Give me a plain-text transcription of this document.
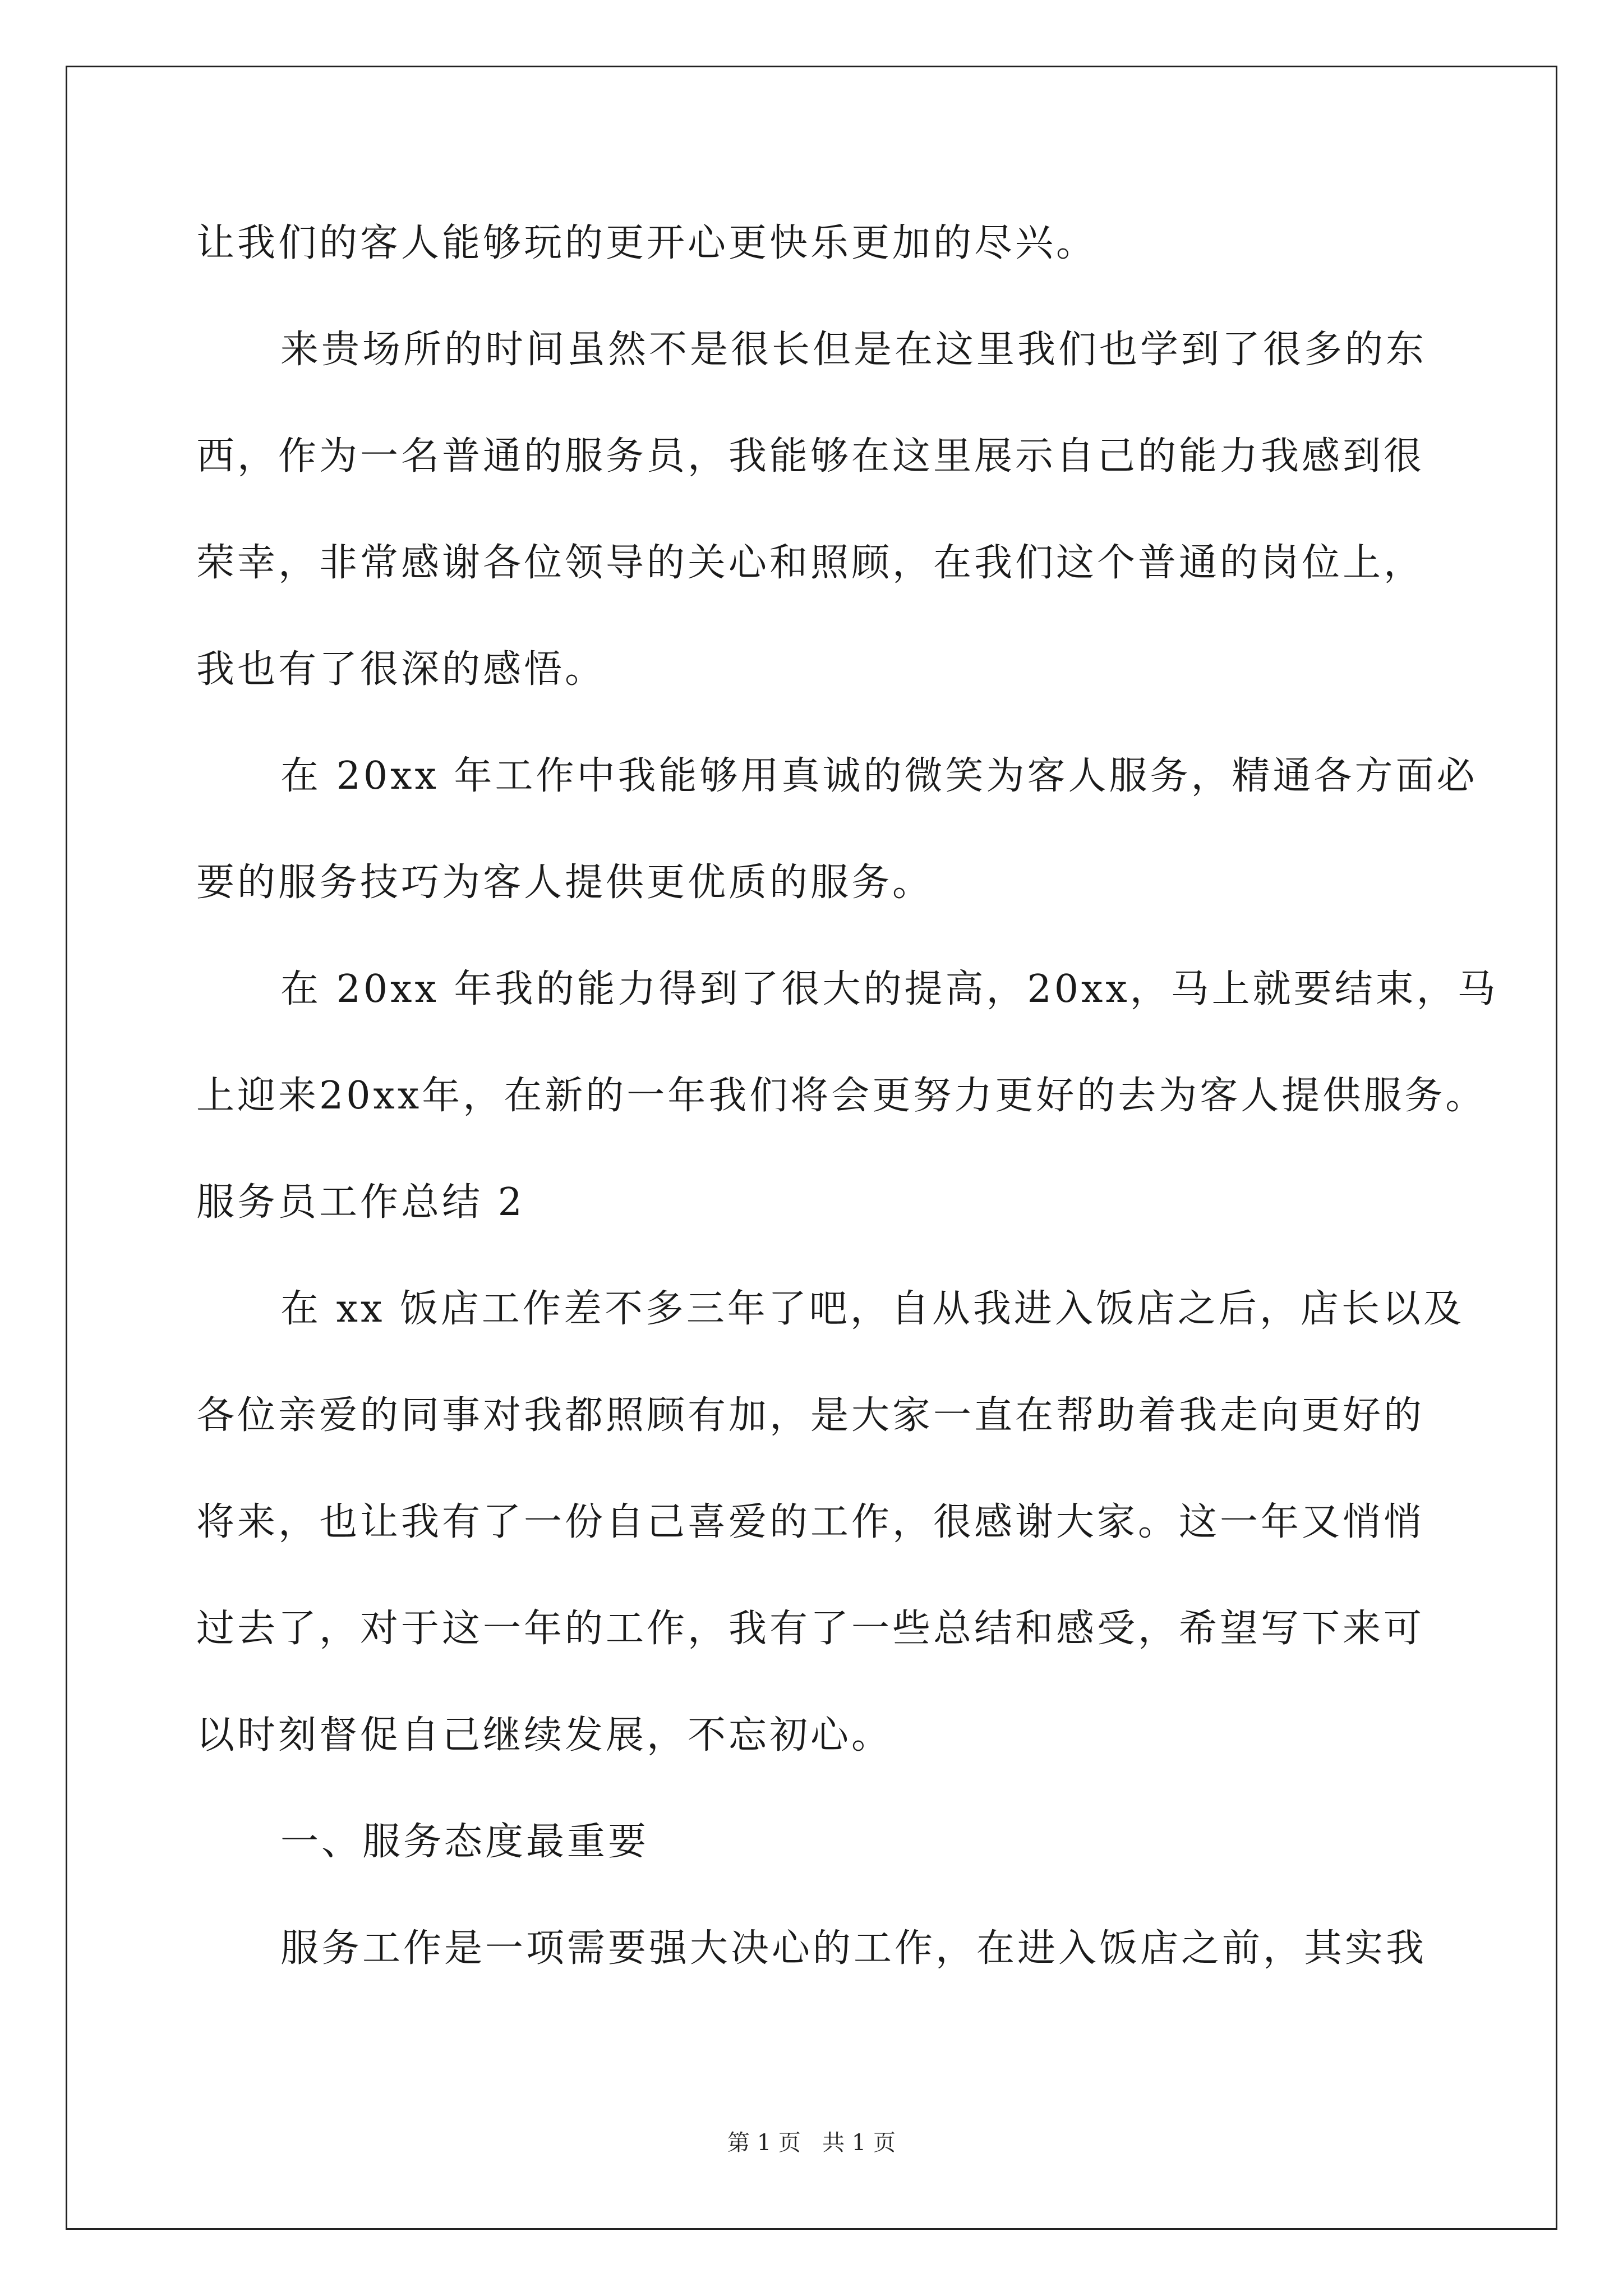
让我们的客人能够玩的更开心更快乐更加的尽兴。
来贵场所的时间虽然不是很长但是在这里我们也学到了很多的东
西，作为一名普通的服务员，我能够在这里展示自己的能力我感到很
荣幸，非常感谢各位领导的关心和照顾，在我们这个普通的岗位上，
我也有了很深的感悟。
在 20xx 年工作中我能够用真诚的微笑为客人服务，精通各方面必
要的服务技巧为客人提供更优质的服务。
在 20xx 年我的能力得到了很大的提高，20xx，马上就要结束，马
上迎来20xx年，在新的一年我们将会更努力更好的去为客人提供服务。
服务员工作总结 2
在 xx 饭店工作差不多三年了吧，自从我进入饭店之后，店长以及
各位亲爱的同事对我都照顾有加，是大家一直在帮助着我走向更好的
将来，也让我有了一份自己喜爱的工作，很感谢大家。这一年又悄悄
过去了，对于这一年的工作，我有了一些总结和感受，希望写下来可
以时刻督促自己继续发展，不忘初心。
一、服务态度最重要
服务工作是一项需要强大决心的工作，在进入饭店之前，其实我
第 1 页   共 1 页
